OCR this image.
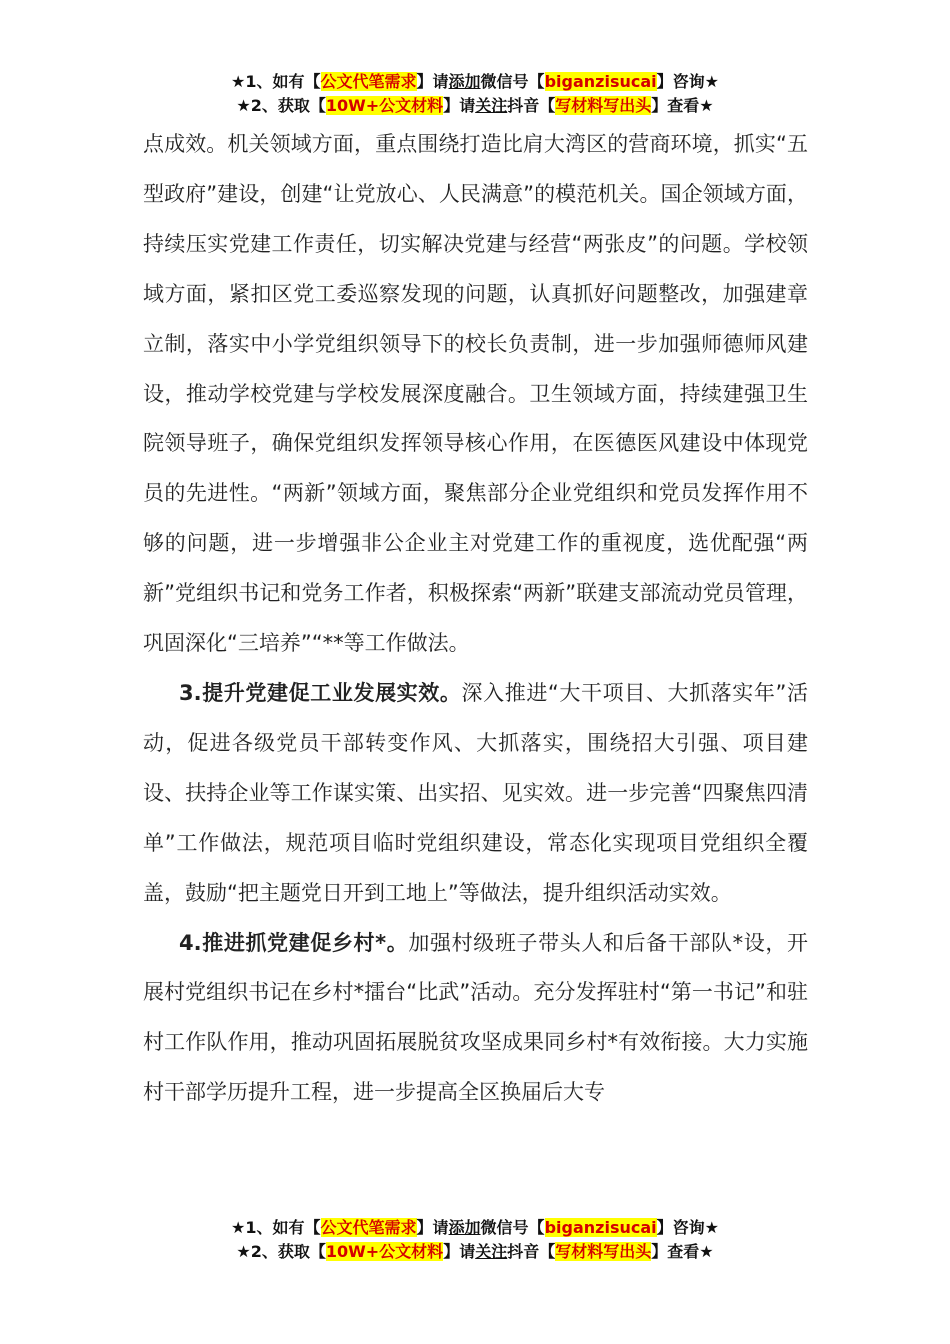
★1、如有【公文代笔需求】请添加微信号【biganzisucai】咨询★
★2、获取【10W+公文材料】请关注抖音【写材料写出头】查看★

点成效。机关领域方面，重点围绕打造比肩大湾区的营商环境，抓实“五型政府”建设，创建“让党放心、人民满意”的模范机关。国企领域方面，持续压实党建工作责任，切实解决党建与经营“两张皮”的问题。学校领域方面，紧扣区党工委巡察发现的问题，认真抓好问题整改，加强建章立制，落实中小学党组织领导下的校长负责制，进一步加强师德师风建设，推动学校党建与学校发展深度融合。卫生领域方面，持续建强卫生院领导班子，确保党组织发挥领导核心作用，在医德医风建设中体现党员的先进性。“两新”领域方面，聚焦部分企业党组织和党员发挥作用不够的问题，进一步增强非公企业主对党建工作的重视度，选优配强“两新”党组织书记和党务工作者，积极探索“两新”联建支部流动党员管理，巩固深化“三培养”“**等工作做法。

3.提升党建促工业发展实效。深入推进“大干项目、大抓落实年”活动，促进各级党员干部转变作风、大抓落实，围绕招大引强、项目建设、扶持企业等工作谋实策、出实招、见实效。进一步完善“四聚焦四清单”工作做法，规范项目临时党组织建设，常态化实现项目党组织全覆盖，鼓励“把主题党日开到工地上”等做法，提升组织活动实效。

4.推进抓党建促乡村*。加强村级班子带头人和后备干部队*设，开展村党组织书记在乡村*擂台“比武”活动。充分发挥驻村“第一书记”和驻村工作队作用，推动巩固拓展脱贫攻坚成果同乡村*有效衔接。大力实施村干部学历提升工程，进一步提高全区换届后大专

★1、如有【公文代笔需求】请添加微信号【biganzisucai】咨询★
★2、获取【10W+公文材料】请关注抖音【写材料写出头】查看★
